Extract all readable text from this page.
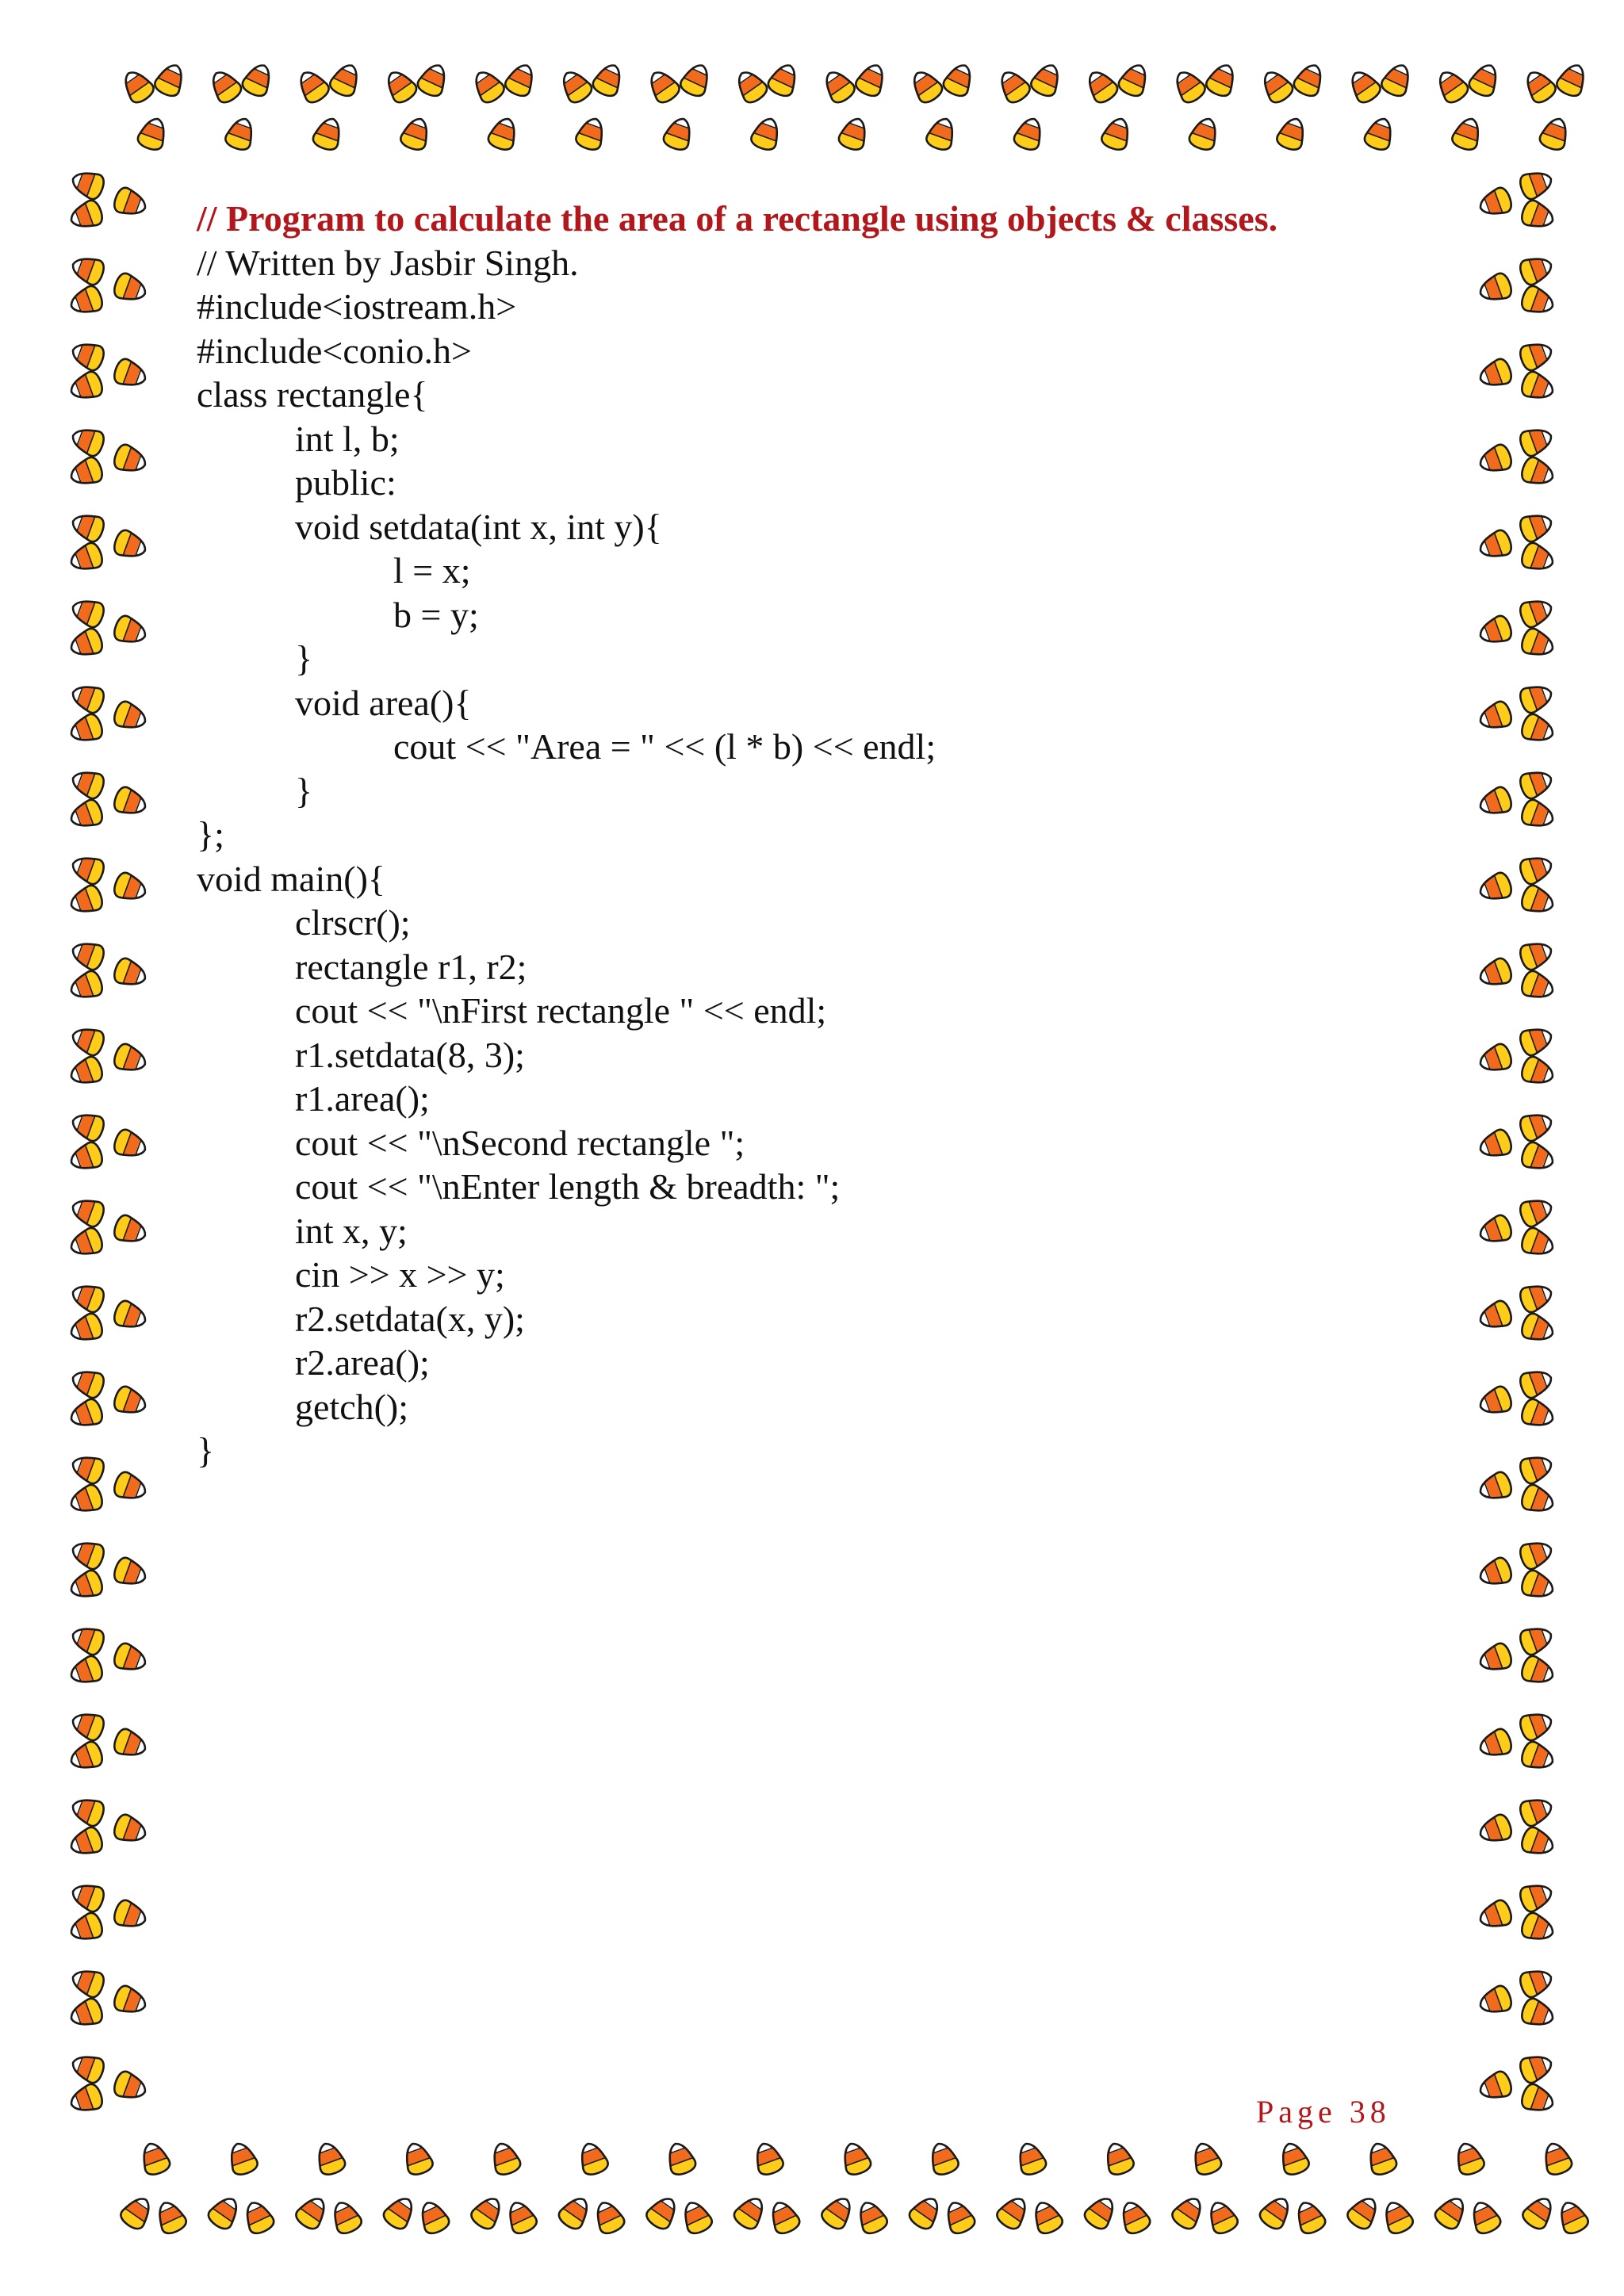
// Program to calculate the area of a rectangle using objects & classes.
// Written by Jasbir Singh.
#include<iostream.h>
#include<conio.h>
class rectangle{
int l, b;
public:
void setdata(int x, int y){
l = x;
b = y;
}
void area(){
cout << "Area = " << (l * b) << endl;
}
};
void main(){
clrscr();
rectangle r1, r2;
cout << "\nFirst rectangle " << endl;
r1.setdata(8, 3);
r1.area();
cout << "\nSecond rectangle ";
cout << "\nEnter length & breadth: ";
int x, y;
cin >> x >> y;
r2.setdata(x, y);
r2.area();
getch();
}
Page 38
